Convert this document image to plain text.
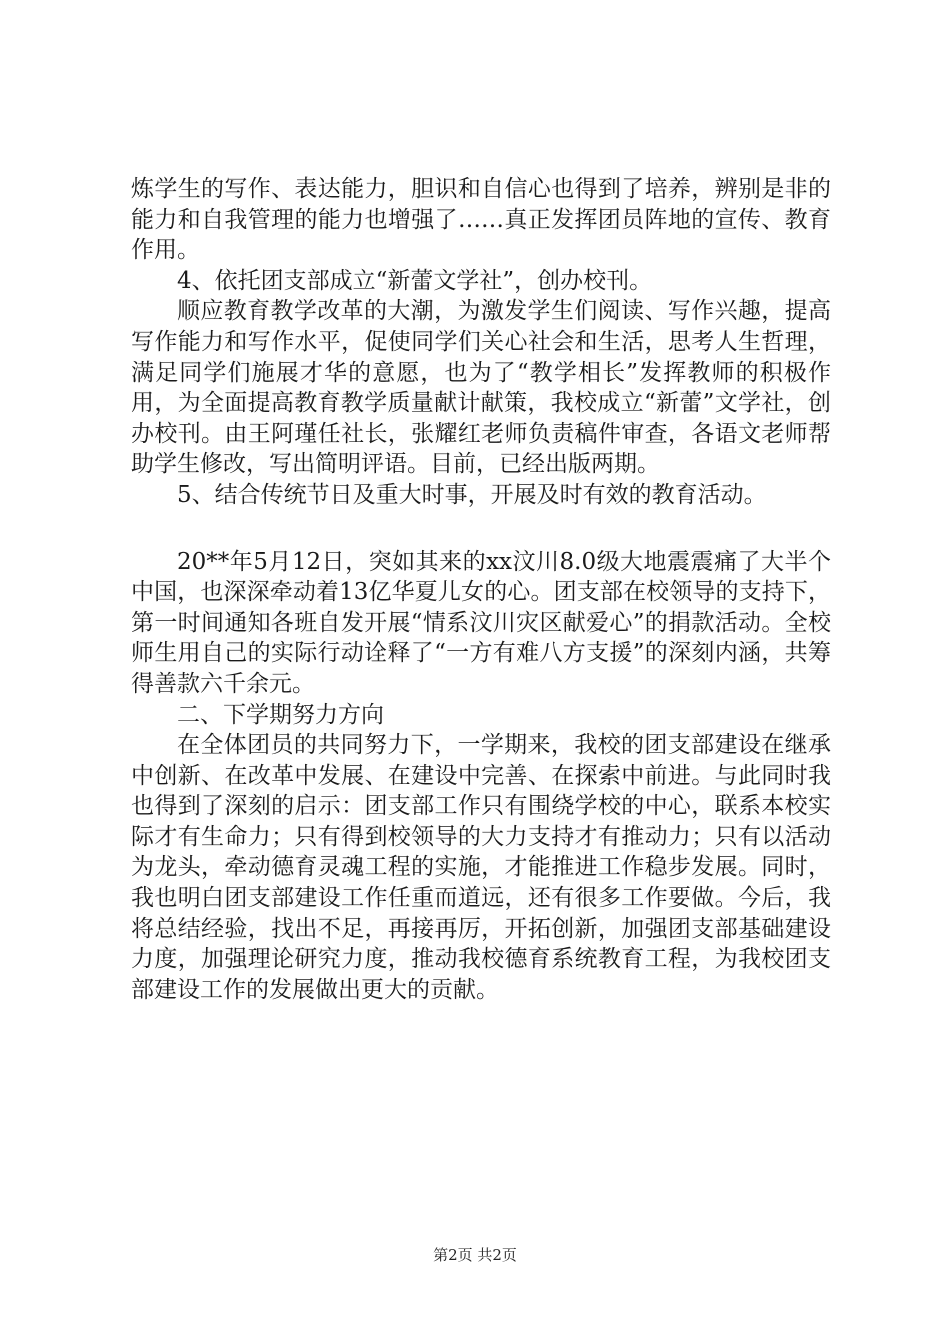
炼学生的写作、表达能力，胆识和自信心也得到了培养，辨别是非的能力和自我管理的能力也增强了……真正发挥团员阵地的宣传、教育作用。

4、依托团支部成立“新蕾文学社”，创办校刊。

顺应教育教学改革的大潮，为激发学生们阅读、写作兴趣，提高写作能力和写作水平，促使同学们关心社会和生活，思考人生哲理，满足同学们施展才华的意愿，也为了“教学相长”发挥教师的积极作用，为全面提高教育教学质量献计献策，我校成立“新蕾”文学社，创办校刊。由王阿瑾任社长，张耀红老师负责稿件审查，各语文老师帮助学生修改，写出简明评语。目前，已经出版两期。

5、结合传统节日及重大时事，开展及时有效的教育活动。

20**年5月12日，突如其来的xx汶川8.0级大地震震痛了大半个中国，也深深牵动着13亿华夏儿女的心。团支部在校领导的支持下，第一时间通知各班自发开展“情系汶川灾区献爱心”的捐款活动。全校师生用自己的实际行动诠释了“一方有难八方支援”的深刻内涵，共筹得善款六千余元。

二、下学期努力方向

在全体团员的共同努力下，一学期来，我校的团支部建设在继承中创新、在改革中发展、在建设中完善、在探索中前进。与此同时我也得到了深刻的启示：团支部工作只有围绕学校的中心，联系本校实际才有生命力；只有得到校领导的大力支持才有推动力；只有以活动为龙头，牵动德育灵魂工程的实施，才能推进工作稳步发展。同时，我也明白团支部建设工作任重而道远，还有很多工作要做。今后，我将总结经验，找出不足，再接再厉，开拓创新，加强团支部基础建设力度，加强理论研究力度，推动我校德育系统教育工程，为我校团支部建设工作的发展做出更大的贡献。

第2页 共2页
